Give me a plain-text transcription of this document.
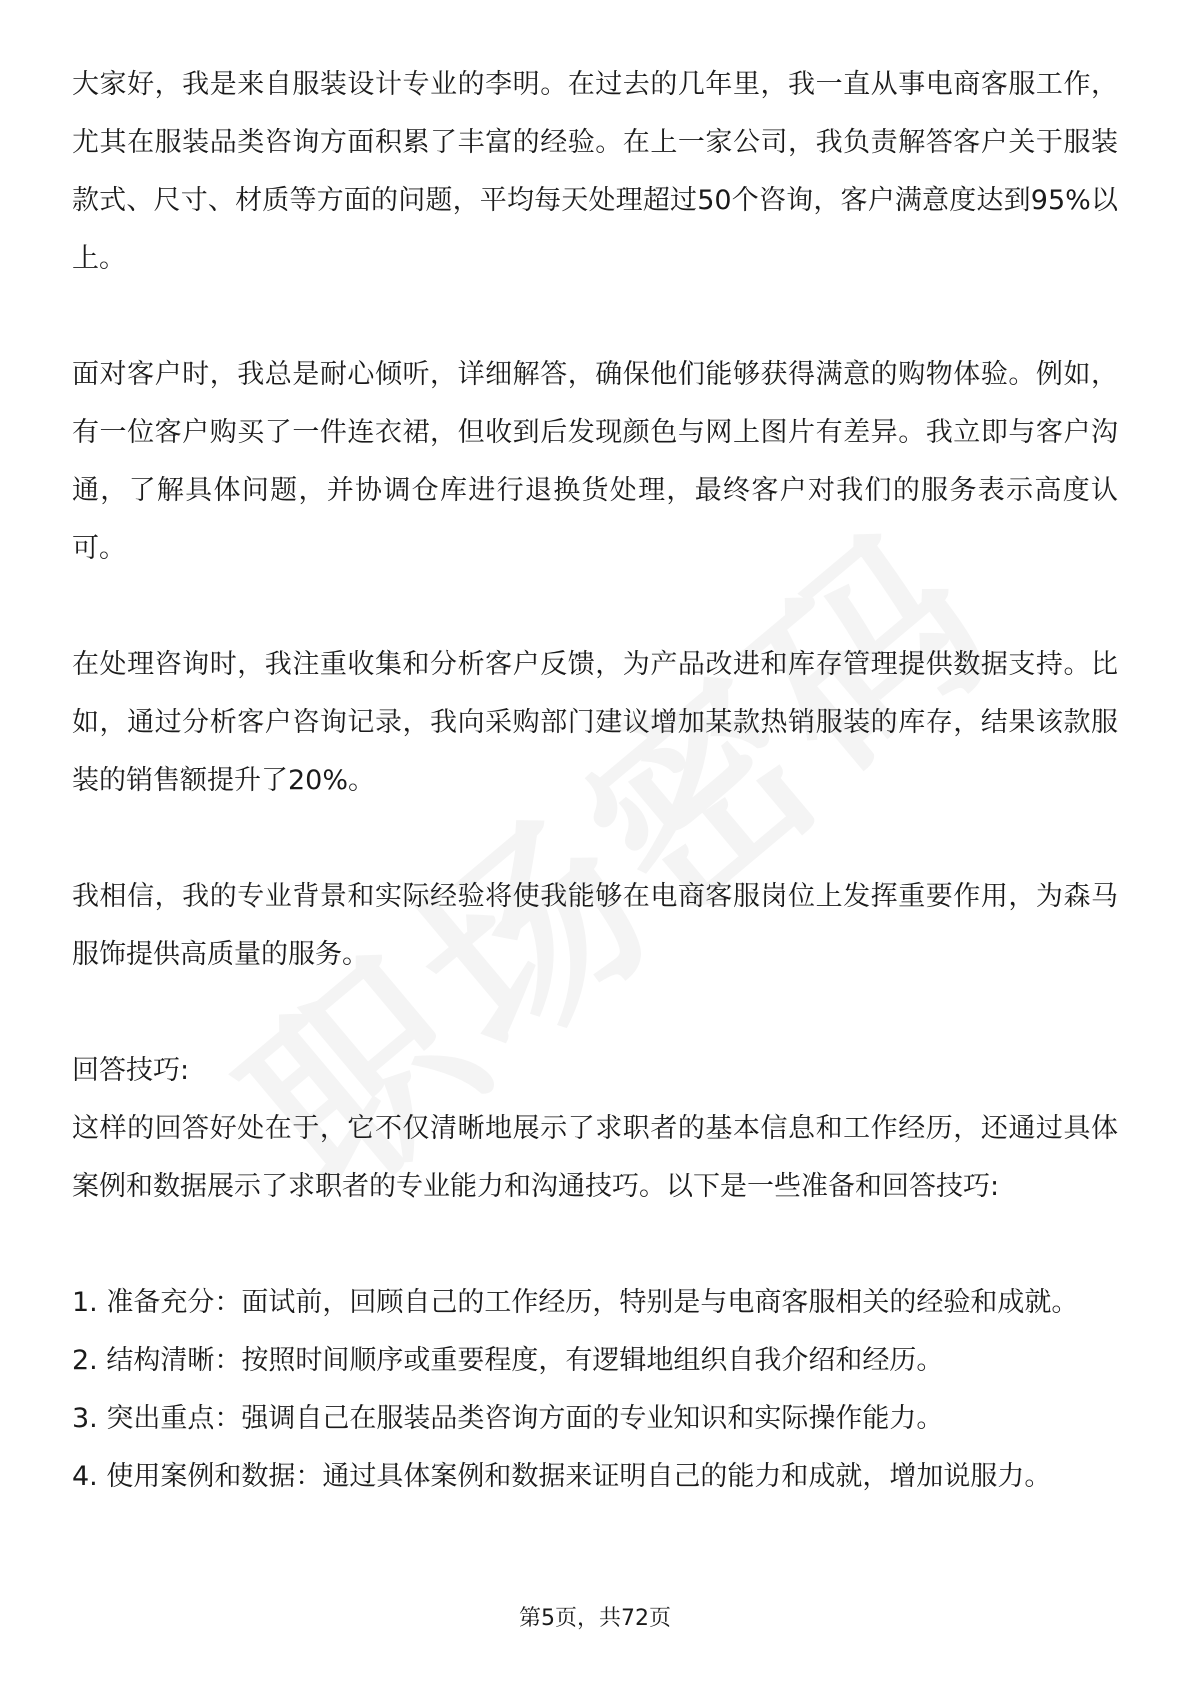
大家好，我是来自服装设计专业的李明。在过去的几年里，我一直从事电商客服工作，尤其在服装品类咨询方面积累了丰富的经验。在上一家公司，我负责解答客户关于服装款式、尺寸、材质等方面的问题，平均每天处理超过50个咨询，客户满意度达到95%以上。

面对客户时，我总是耐心倾听，详细解答，确保他们能够获得满意的购物体验。例如，有一位客户购买了一件连衣裙，但收到后发现颜色与网上图片有差异。我立即与客户沟通，了解具体问题，并协调仓库进行退换货处理，最终客户对我们的服务表示高度认可。

在处理咨询时，我注重收集和分析客户反馈，为产品改进和库存管理提供数据支持。比如，通过分析客户咨询记录，我向采购部门建议增加某款热销服装的库存，结果该款服装的销售额提升了20%。

我相信，我的专业背景和实际经验将使我能够在电商客服岗位上发挥重要作用，为森马服饰提供高质量的服务。

回答技巧:

这样的回答好处在于，它不仅清晰地展示了求职者的基本信息和工作经历，还通过具体案例和数据展示了求职者的专业能力和沟通技巧。以下是一些准备和回答技巧:

1. 准备充分：面试前，回顾自己的工作经历，特别是与电商客服相关的经验和成就。

2. 结构清晰：按照时间顺序或重要程度，有逻辑地组织自我介绍和经历。

3. 突出重点：强调自己在服装品类咨询方面的专业知识和实际操作能力。

4. 使用案例和数据：通过具体案例和数据来证明自己的能力和成就，增加说服力。

第5页，共72页
